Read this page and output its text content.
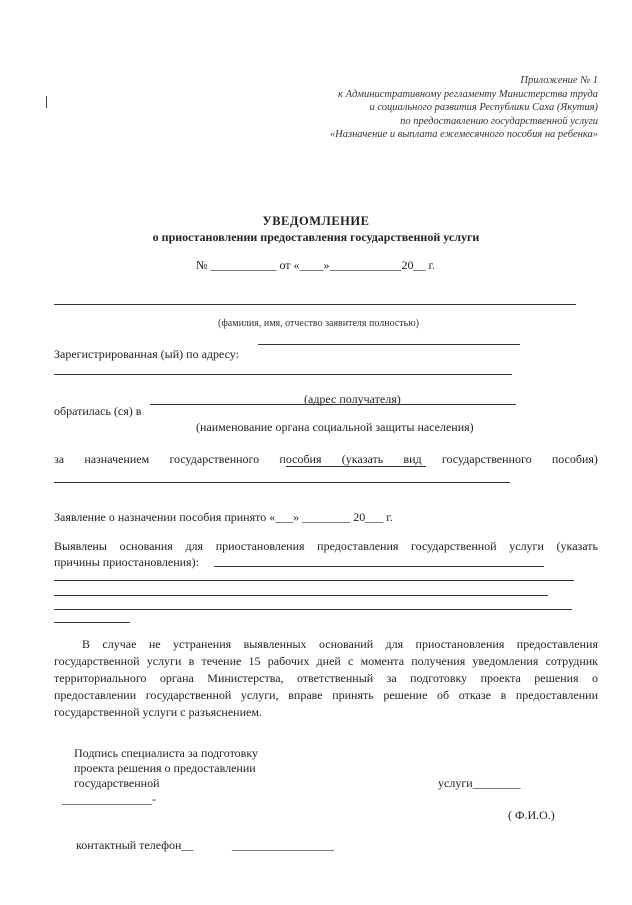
Приложение № 1
к Административному регламенту Министерства труда
и социального развития Республики Саха (Якутия)
по предоставлению государственной услуги
«Назначение и выплата ежемесячного пособия на ребенка»
УВЕДОМЛЕНИЕ
о приостановлении предоставления государственной услуги
№ ___________ от «____»____________20__ г.
(фамилия, имя, отчество заявителя полностью)
Зарегистрированная (ый) по адресу:
(адрес получателя)
обратилась (ся) в
(наименование органа социальной защиты населения)
за назначением государственного пособия (указать вид государственного пособия)
Заявление о назначении пособия принято «___» ________ 20___ г.
Выявлены основания для приостановления предоставления государственной услуги (указать
причины приостановления):
В случае не устранения выявленных оснований для приостановления предоставления государственной услуги в течение 15 рабочих дней с момента получения уведомления сотрудник территориального органа Министерства, ответственный за подготовку проекта решения о предоставлении государственной услуги, вправе принять решение об отказе в предоставлении государственной услуги с разъяснением.
Подпись специалиста за подготовку
проекта решения о предоставлении
государственной	услуги________
_______________-
( Ф.И.О.)
контактный телефон__	_________________
